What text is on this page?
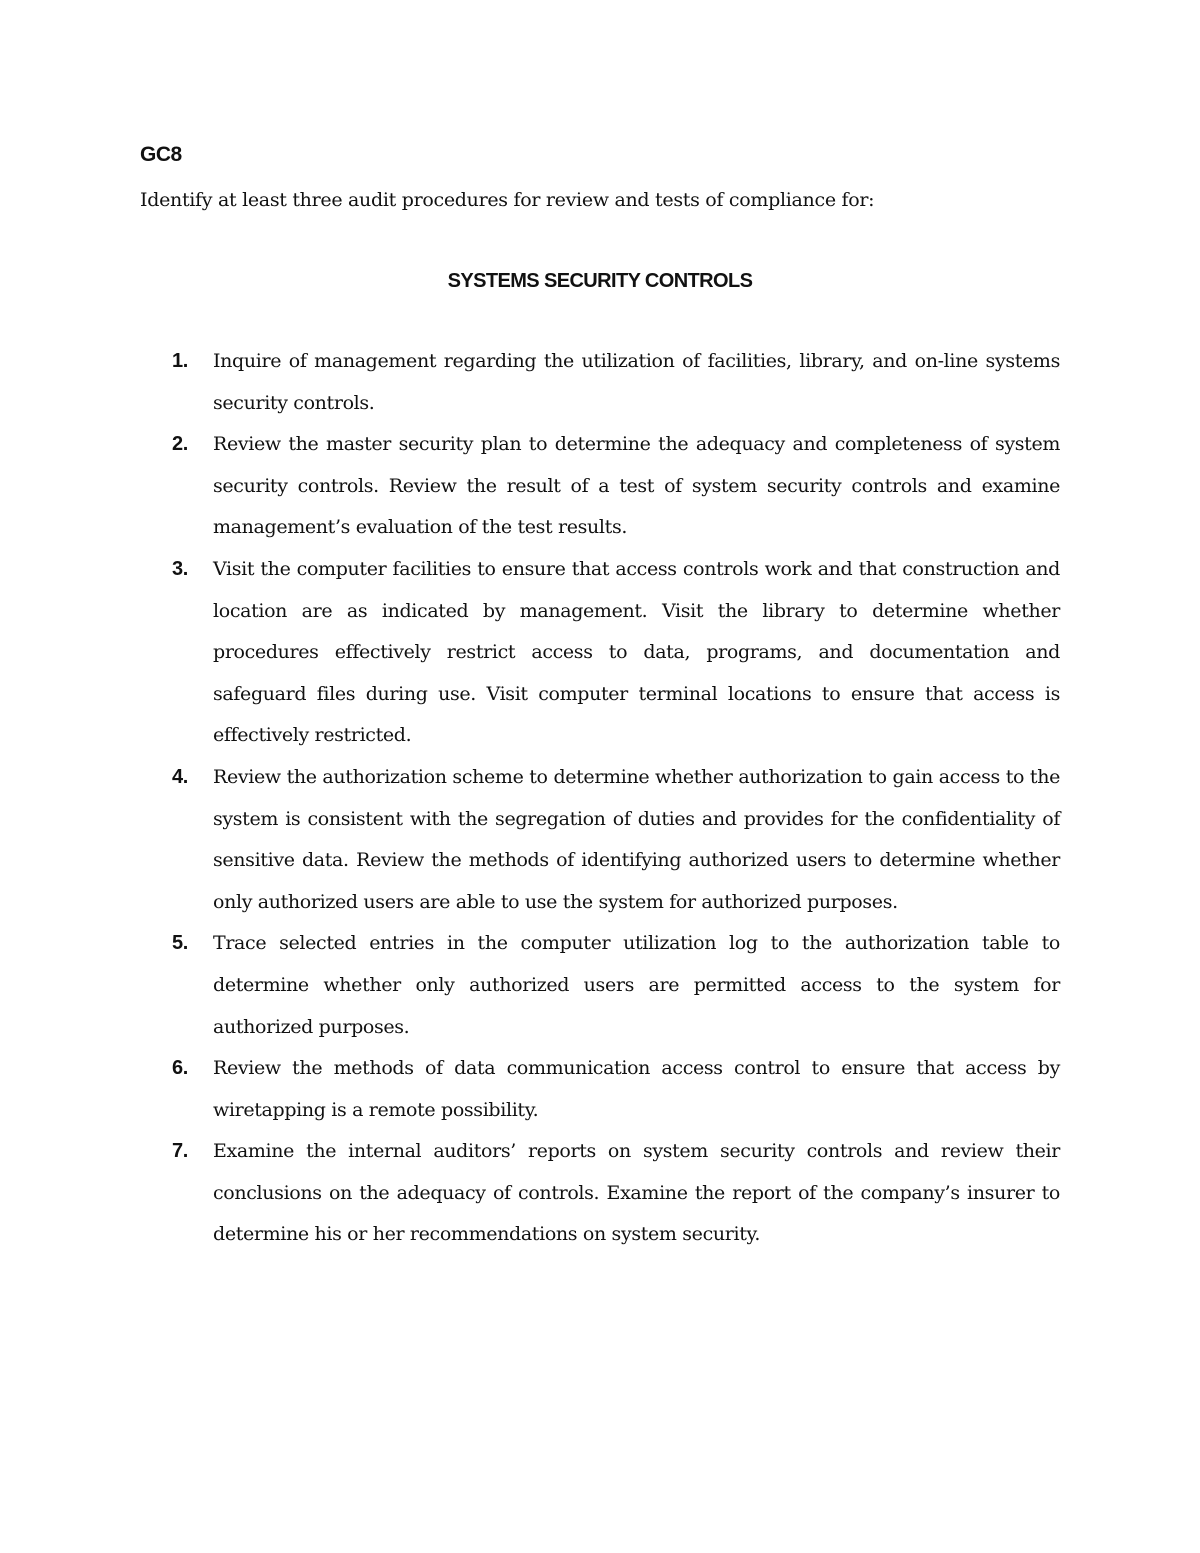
GC8

Identify at least three audit procedures for review and tests of compliance for:

SYSTEMS SECURITY CONTROLS
1. Inquire of management regarding the utilization of facilities, library, and on-line systems security controls.
2. Review the master security plan to determine the adequacy and completeness of system security controls. Review the result of a test of system security controls and examine management’s evaluation of the test results.
3. Visit the computer facilities to ensure that access controls work and that construction and location are as indicated by management. Visit the library to determine whether procedures effectively restrict access to data, programs, and documentation and safeguard files during use. Visit computer terminal locations to ensure that access is effectively restricted.
4. Review the authorization scheme to determine whether authorization to gain access to the system is consistent with the segregation of duties and provides for the confidentiality of sensitive data. Review the methods of identifying authorized users to determine whether only authorized users are able to use the system for authorized purposes.
5. Trace selected entries in the computer utilization log to the authorization table to determine whether only authorized users are permitted access to the system for authorized purposes.
6. Review the methods of data communication access control to ensure that access by wiretapping is a remote possibility.
7. Examine the internal auditors’ reports on system security controls and review their conclusions on the adequacy of controls. Examine the report of the company’s insurer to determine his or her recommendations on system security.
